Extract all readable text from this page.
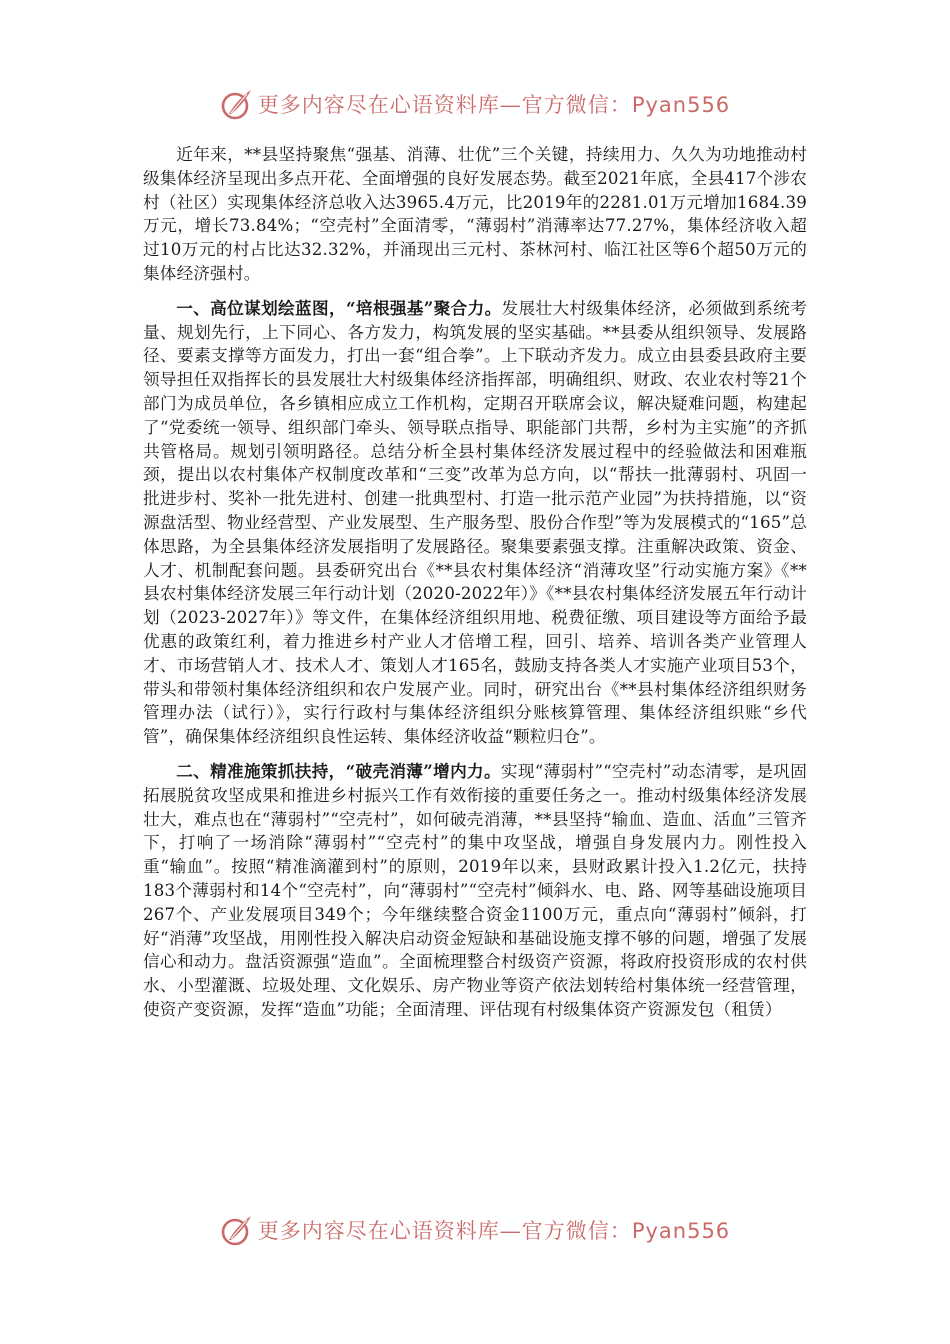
更多内容尽在心语资料库—官方微信：Pyan556

近年来，**县坚持聚焦“强基、消薄、壮优”三个关键，持续用力、久久为功地推动村级集体经济呈现出多点开花、全面增强的良好发展态势。截至2021年底，全县417个涉农村（社区）实现集体经济总收入达3965.4万元，比2019年的2281.01万元增加1684.39万元，增长73.84%；“空壳村”全面清零，“薄弱村”消薄率达77.27%，集体经济收入超过10万元的村占比达32.32%，并涌现出三元村、茶林河村、临江社区等6个超50万元的集体经济强村。

一、高位谋划绘蓝图，“培根强基”聚合力。发展壮大村级集体经济，必须做到系统考量、规划先行，上下同心、各方发力，构筑发展的坚实基础。**县委从组织领导、发展路径、要素支撑等方面发力，打出一套“组合拳”。上下联动齐发力。成立由县委县政府主要领导担任双指挥长的县发展壮大村级集体经济指挥部，明确组织、财政、农业农村等21个部门为成员单位，各乡镇相应成立工作机构，定期召开联席会议，解决疑难问题，构建起了“党委统一领导、组织部门牵头、领导联点指导、职能部门共帮，乡村为主实施”的齐抓共管格局。规划引领明路径。总结分析全县村集体经济发展过程中的经验做法和困难瓶颈，提出以农村集体产权制度改革和“三变”改革为总方向，以“帮扶一批薄弱村、巩固一批进步村、奖补一批先进村、创建一批典型村、打造一批示范产业园”为扶持措施，以“资源盘活型、物业经营型、产业发展型、生产服务型、股份合作型”等为发展模式的“165”总体思路，为全县集体经济发展指明了发展路径。聚集要素强支撑。注重解决政策、资金、人才、机制配套问题。县委研究出台《**县农村集体经济“消薄攻坚”行动实施方案》《**县农村集体经济发展三年行动计划（2020-2022年）》《**县农村集体经济发展五年行动计划（2023-2027年）》等文件，在集体经济组织用地、税费征缴、项目建设等方面给予最优惠的政策红利，着力推进乡村产业人才倍增工程，回引、培养、培训各类产业管理人才、市场营销人才、技术人才、策划人才165名，鼓励支持各类人才实施产业项目53个，带头和带领村集体经济组织和农户发展产业。同时，研究出台《**县村集体经济组织财务管理办法（试行）》，实行行政村与集体经济组织分账核算管理、集体经济组织账“乡代管”，确保集体经济组织良性运转、集体经济收益“颗粒归仓”。

二、精准施策抓扶持，“破壳消薄”增内力。实现“薄弱村”“空壳村”动态清零，是巩固拓展脱贫攻坚成果和推进乡村振兴工作有效衔接的重要任务之一。推动村级集体经济发展壮大，难点也在“薄弱村”“空壳村”，如何破壳消薄，**县坚持“输血、造血、活血”三管齐下，打响了一场消除“薄弱村”“空壳村”的集中攻坚战，增强自身发展内力。刚性投入重“输血”。按照“精准滴灌到村”的原则，2019年以来，县财政累计投入1.2亿元，扶持183个薄弱村和14个“空壳村”，向“薄弱村”“空壳村”倾斜水、电、路、网等基础设施项目267个、产业发展项目349个；今年继续整合资金1100万元，重点向“薄弱村”倾斜，打好“消薄”攻坚战，用刚性投入解决启动资金短缺和基础设施支撑不够的问题，增强了发展信心和动力。盘活资源强“造血”。全面梳理整合村级资产资源，将政府投资形成的农村供水、小型灌溉、垃圾处理、文化娱乐、房产物业等资产依法划转给村集体统一经营管理，使资产变资源，发挥“造血”功能；全面清理、评估现有村级集体资产资源发包（租赁）

更多内容尽在心语资料库—官方微信：Pyan556
